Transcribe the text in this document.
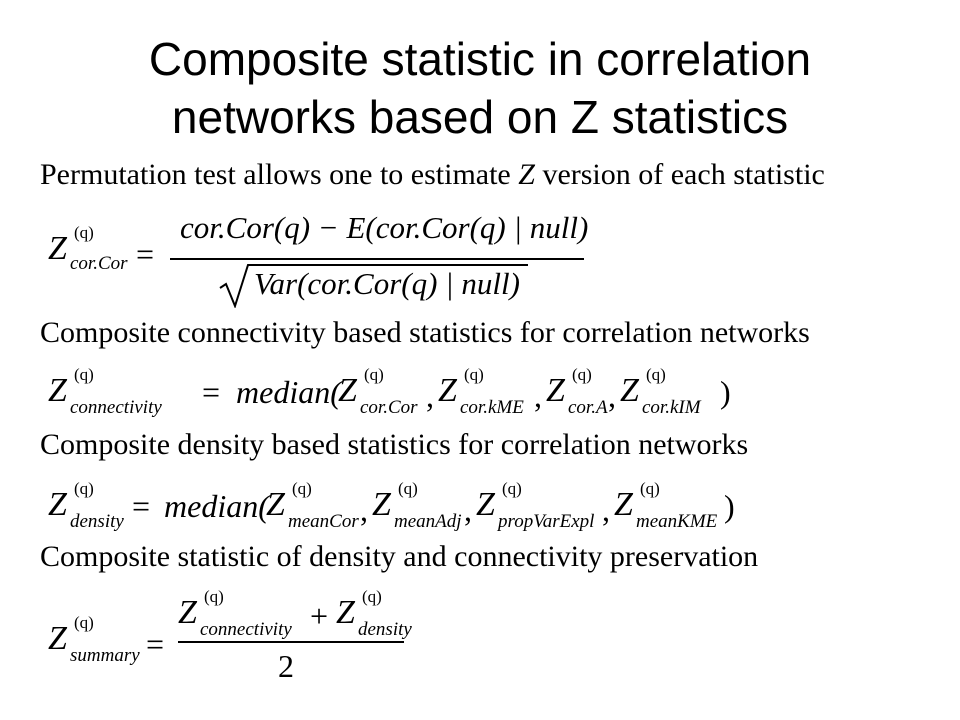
Composite statistic in correlation
networks based on Z statistics
Permutation test allows one to estimate Z version of each statistic
Z (q)
cor.Cor =
cor.Cor(q) − E(cor.Cor(q) | null)
Var(cor.Cor(q) | null)
Composite connectivity based statistics for correlation networks
Z (q)
connectivity = median(
Z (q)
cor.Cor , Z (q)
cor.kME , Z (q)
cor.A , Z (q)
cor.kIM )
Composite density based statistics for correlation networks
Z (q)
density = median(
Z (q)
meanCor , Z (q)
meanAdj , Z (q)
propVarExpl , Z (q)
meanKME )
Composite statistic of density and connectivity preservation
Z (q)
summary =
Z (q)
connectivity + Z (q)
density
2
